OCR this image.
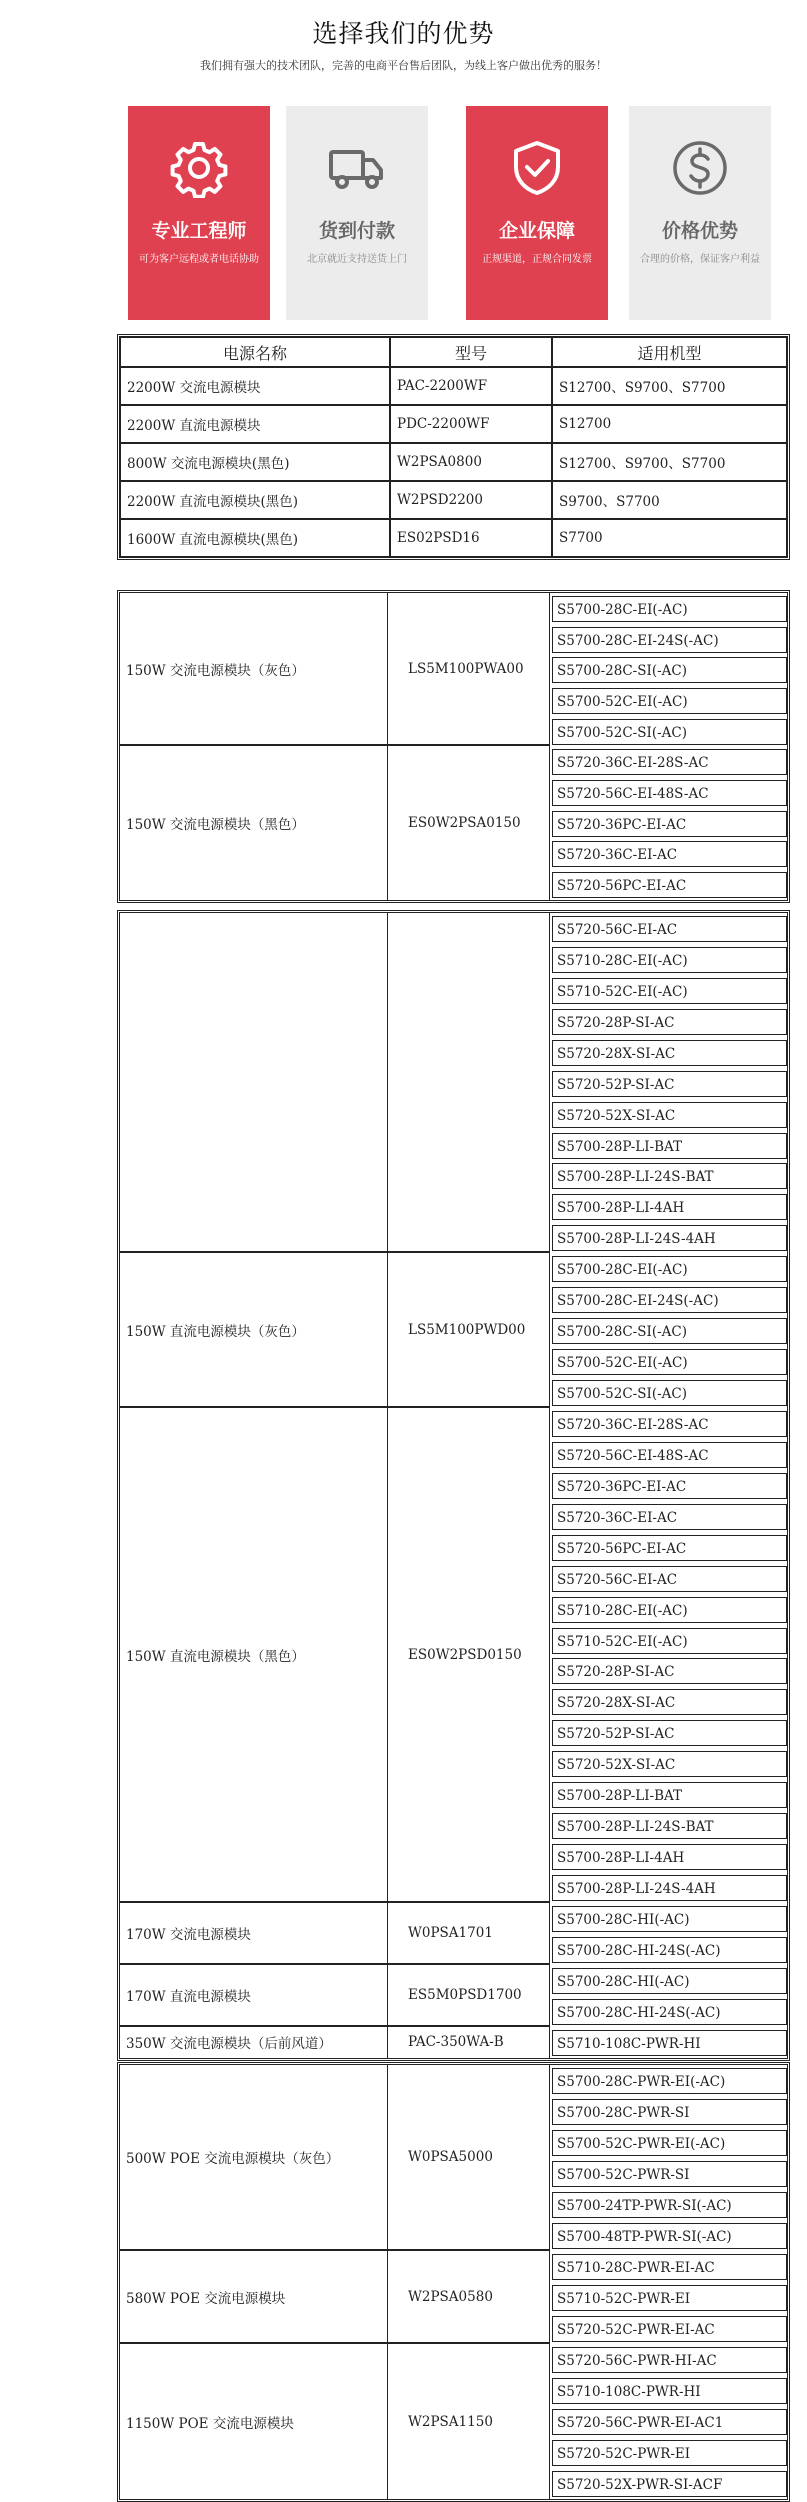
选择我们的优势
我们拥有强大的技术团队，完善的电商平台售后团队，为线上客户做出优秀的服务！
专业工程师
可为客户远程或者电话协助
货到付款
北京就近支持送货上门
企业保障
正规渠道，正规合同发票
价格优势
合理的价格，保证客户利益
电源名称	型号	适用机型
2200W 交流电源模块	PAC-2200WF	S12700、S9700、S7700
2200W 直流电源模块	PDC-2200WF	S12700
800W 交流电源模块(黑色)	W2PSA0800	S12700、S9700、S7700
2200W 直流电源模块(黑色)	W2PSD2200	S9700、S7700
1600W 直流电源模块(黑色)	ES02PSD16	S7700
150W 交流电源模块（灰色）	LS5M100PWA00	S5700-28C-EI(-AC)

		S5700-28C-EI-24S(-AC)

		S5700-28C-SI(-AC)

		S5700-52C-EI(-AC)

		S5700-52C-SI(-AC)

150W 交流电源模块（黑色）	ES0W2PSA0150	S5720-36C-EI-28S-AC

		S5720-56C-EI-48S-AC

		S5720-36PC-EI-AC

		S5720-36C-EI-AC

		S5720-56PC-EI-AC

		S5720-56C-EI-AC

		S5710-28C-EI(-AC)

		S5710-52C-EI(-AC)

		S5720-28P-SI-AC

		S5720-28X-SI-AC

		S5720-52P-SI-AC

		S5720-52X-SI-AC

		S5700-28P-LI-BAT

		S5700-28P-LI-24S-BAT

		S5700-28P-LI-4AH

		S5700-28P-LI-24S-4AH

150W 直流电源模块（灰色）	LS5M100PWD00	S5700-28C-EI(-AC)

		S5700-28C-EI-24S(-AC)

		S5700-28C-SI(-AC)

		S5700-52C-EI(-AC)

		S5700-52C-SI(-AC)

150W 直流电源模块（黑色）	ES0W2PSD0150	S5720-36C-EI-28S-AC

		S5720-56C-EI-48S-AC

		S5720-36PC-EI-AC

		S5720-36C-EI-AC

		S5720-56PC-EI-AC

		S5720-56C-EI-AC

		S5710-28C-EI(-AC)

		S5710-52C-EI(-AC)

		S5720-28P-SI-AC

		S5720-28X-SI-AC

		S5720-52P-SI-AC

		S5720-52X-SI-AC

		S5700-28P-LI-BAT

		S5700-28P-LI-24S-BAT

		S5700-28P-LI-4AH

		S5700-28P-LI-24S-4AH

170W 交流电源模块	W0PSA1701	S5700-28C-HI(-AC)

		S5700-28C-HI-24S(-AC)

170W 直流电源模块	ES5M0PSD1700	S5700-28C-HI(-AC)

		S5700-28C-HI-24S(-AC)

350W 交流电源模块（后前风道）	PAC-350WA-B	S5710-108C-PWR-HI
500W POE 交流电源模块（灰色）	W0PSA5000	S5700-28C-PWR-EI(-AC)

		S5700-28C-PWR-SI

		S5700-52C-PWR-EI(-AC)

		S5700-52C-PWR-SI

		S5700-24TP-PWR-SI(-AC)

		S5700-48TP-PWR-SI(-AC)

580W POE 交流电源模块	W2PSA0580	S5710-28C-PWR-EI-AC

		S5710-52C-PWR-EI

		S5720-52C-PWR-EI-AC

1150W POE 交流电源模块	W2PSA1150	S5720-56C-PWR-HI-AC

		S5710-108C-PWR-HI

		S5720-56C-PWR-EI-AC1

		S5720-52C-PWR-EI

		S5720-52X-PWR-SI-ACF
